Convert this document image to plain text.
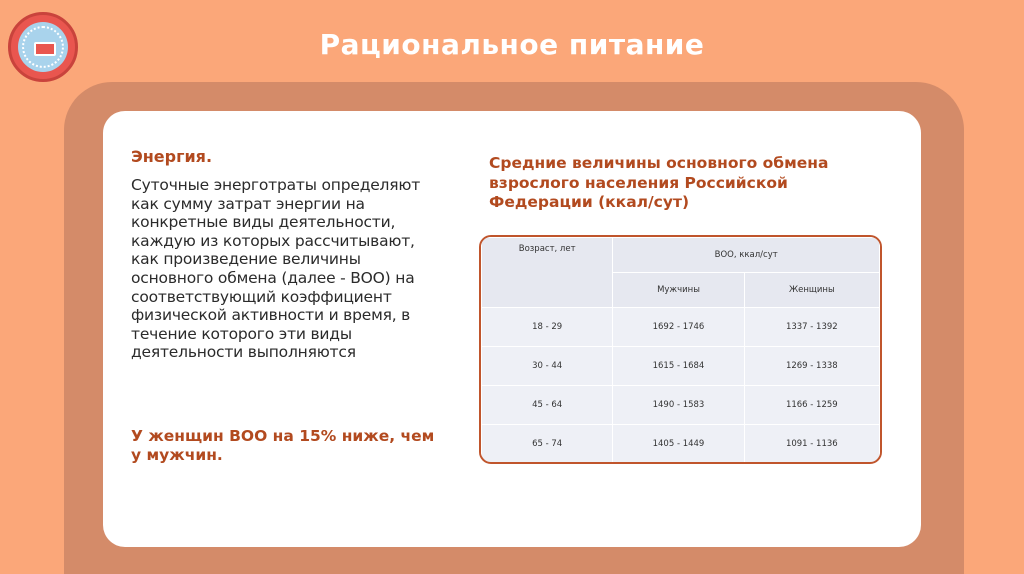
Рациональное питание
Энергия.
Суточные энерготраты определяют как сумму затрат энергии на конкретные виды деятельности, каждую из которых рассчитывают, как произведение величины основного обмена (далее - ВОО) на соответствующий коэффициент физической активности и время, в течение которого эти виды деятельности выполняются
У женщин ВОО на 15% ниже, чем у мужчин.
Средние величины основного обмена взрослого населения Российской Федерации (ккал/сут)
Возраст, лет	ВОО, ккал/сут	
	Мужчины	Женщины
18 - 29	1692 - 1746	1337 - 1392
30 - 44	1615 - 1684	1269 - 1338
45 - 64	1490 - 1583	1166 - 1259
65 - 74	1405 - 1449	1091 - 1136
